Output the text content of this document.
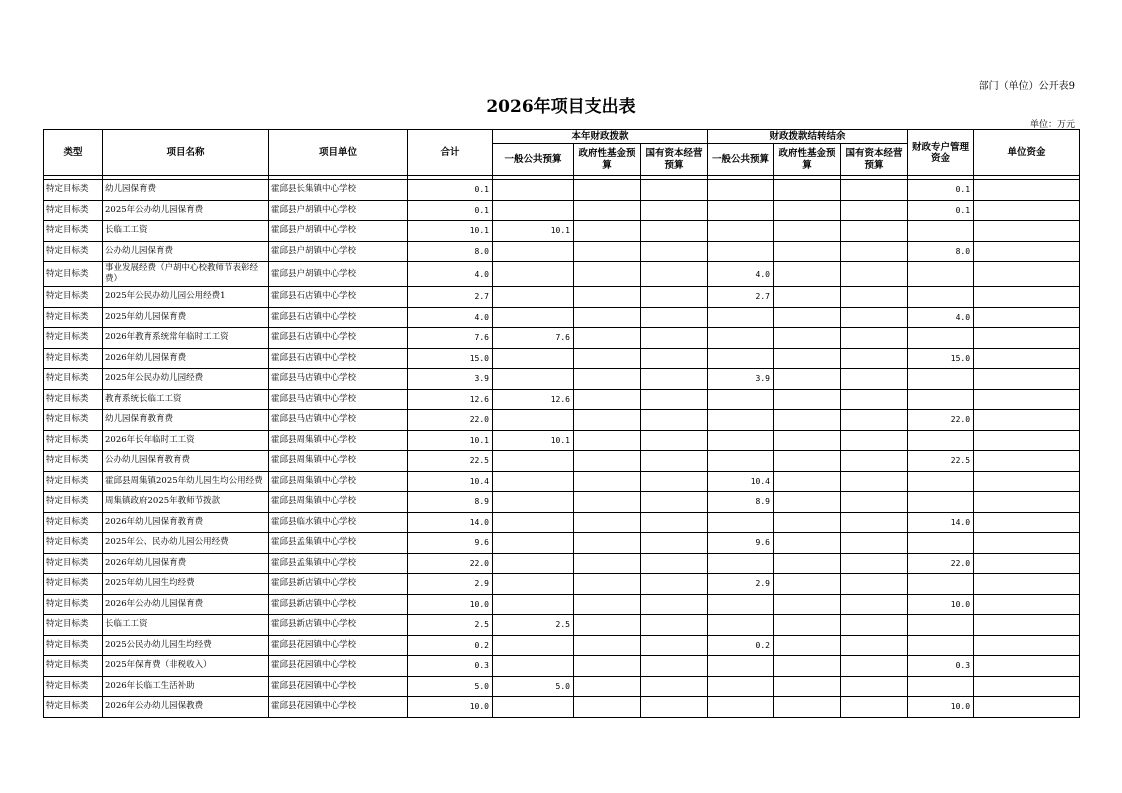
部门（单位）公开表9
2026年项目支出表
单位：万元
类型	项目名称	项目单位	合计	本年财政拨款			财政拨款结转结余			财政专户管理资金	单位资金
				一般公共预算	政府性基金预算	国有资本经营预算	一般公共预算	政府性基金预算	国有资本经营预算		

特定目标类	幼儿园保育费	霍邱县长集镇中心学校	0.1							0.1	
特定目标类	2025年公办幼儿园保育费	霍邱县户胡镇中心学校	0.1							0.1	
特定目标类	长临工工资	霍邱县户胡镇中心学校	10.1	10.1							
特定目标类	公办幼儿园保育费	霍邱县户胡镇中心学校	8.0							8.0	
特定目标类	事业发展经费（户胡中心校教师节表彰经费）	霍邱县户胡镇中心学校	4.0				4.0				
特定目标类	2025年公民办幼儿园公用经费1	霍邱县石店镇中心学校	2.7				2.7				
特定目标类	2025年幼儿园保育费	霍邱县石店镇中心学校	4.0							4.0	
特定目标类	2026年教育系统常年临时工工资	霍邱县石店镇中心学校	7.6	7.6							
特定目标类	2026年幼儿园保育费	霍邱县石店镇中心学校	15.0							15.0	
特定目标类	2025年公民办幼儿园经费	霍邱县马店镇中心学校	3.9				3.9				
特定目标类	教育系统长临工工资	霍邱县马店镇中心学校	12.6	12.6							
特定目标类	幼儿园保育教育费	霍邱县马店镇中心学校	22.0							22.0	
特定目标类	2026年长年临时工工资	霍邱县周集镇中心学校	10.1	10.1							
特定目标类	公办幼儿园保育教育费	霍邱县周集镇中心学校	22.5							22.5	
特定目标类	霍邱县周集镇2025年幼儿园生均公用经费	霍邱县周集镇中心学校	10.4				10.4				
特定目标类	周集镇政府2025年教师节拨款	霍邱县周集镇中心学校	8.9				8.9				
特定目标类	2026年幼儿园保育教育费	霍邱县临水镇中心学校	14.0							14.0	
特定目标类	2025年公、民办幼儿园公用经费	霍邱县孟集镇中心学校	9.6				9.6				
特定目标类	2026年幼儿园保育费	霍邱县孟集镇中心学校	22.0							22.0	
特定目标类	2025年幼儿园生均经费	霍邱县新店镇中心学校	2.9				2.9				
特定目标类	2026年公办幼儿园保育费	霍邱县新店镇中心学校	10.0							10.0	
特定目标类	长临工工资	霍邱县新店镇中心学校	2.5	2.5							
特定目标类	2025公民办幼儿园生均经费	霍邱县花园镇中心学校	0.2				0.2				
特定目标类	2025年保育费（非税收入）	霍邱县花园镇中心学校	0.3							0.3	
特定目标类	2026年长临工生活补助	霍邱县花园镇中心学校	5.0	5.0							
特定目标类	2026年公办幼儿园保教费	霍邱县花园镇中心学校	10.0							10.0	
